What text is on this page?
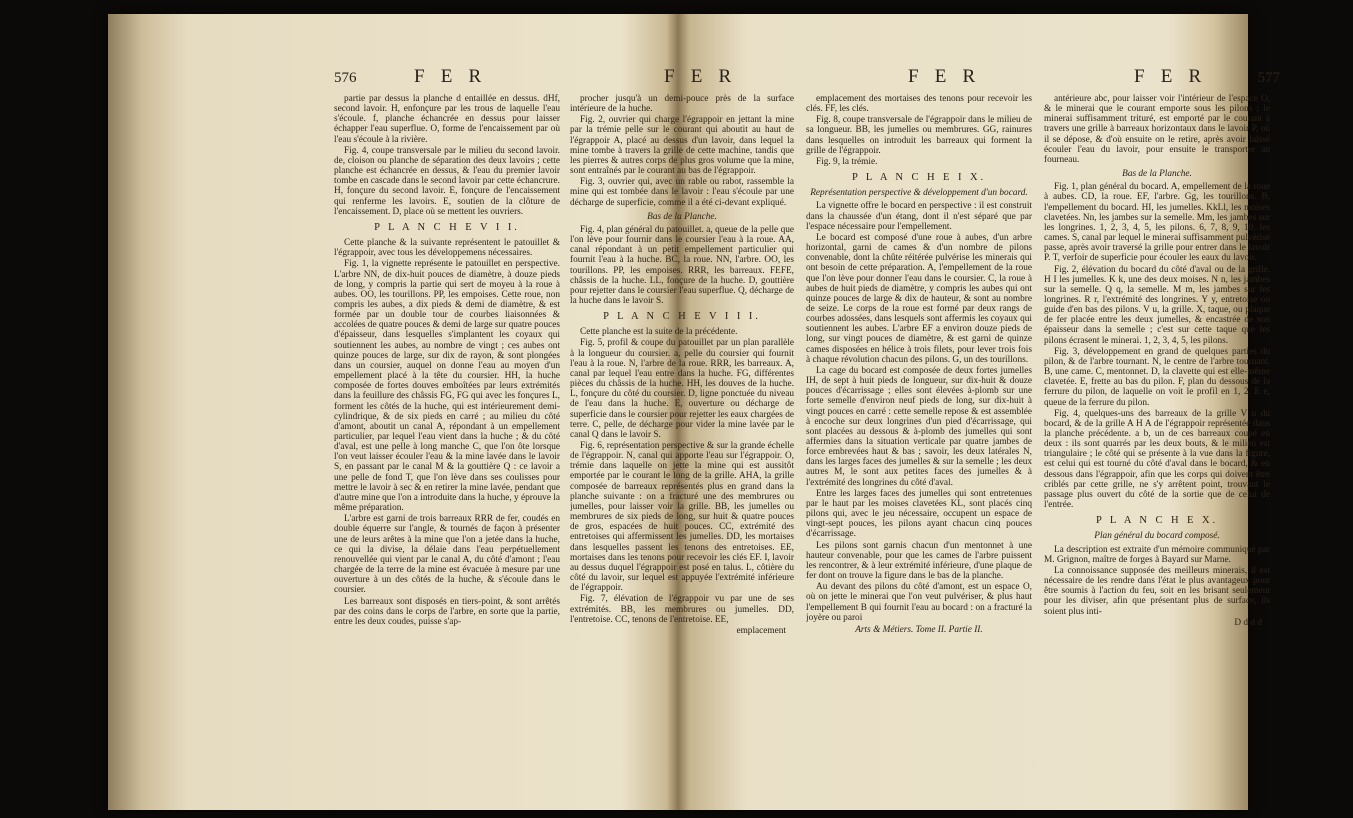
576	F E R	F E R

partie par dessus la planche d entaillée en dessus. dHf, second lavoir. H, enfonçure par les trous de laquelle l'eau s'écoule. f, planche échancrée en dessus pour laisser échapper l'eau superflue. O, forme de l'encaissement par où l'eau s'écoule à la rivière.

Fig. 4, coupe transversale par le milieu du second lavoir. de, cloison ou planche de séparation des deux lavoirs ; cette planche est échancrée en dessus, & l'eau du premier lavoir tombe en cascade dans le second lavoir par cette échancrure. H, fonçure du second lavoir. E, fonçure de l'encaissement qui renferme les lavoirs. E, soutien de la clôture de l'encaissement. D, place où se mettent les ouvriers.

P L A N C H E V I I.

Cette planche & la suivante représentent le patouillet & l'égrappoir, avec tous les développemens nécessaires.

Fig. 1, la vignette représente le patouillet en perspective. L'arbre NN, de dix-huit pouces de diamètre, à douze pieds de long, y compris la partie qui sert de moyeu à la roue à aubes. OO, les tourillons. PP, les empoises. Cette roue, non compris les aubes, a dix pieds & demi de diamètre, & est formée par un double tour de courbes liaisonnées & accolées de quatre pouces & demi de large sur quatre pouces d'épaisseur, dans lesquelles s'implantent les coyaux qui soutiennent les aubes, au nombre de vingt ; ces aubes ont quinze pouces de large, sur dix de rayon, & sont plongées dans un coursier, auquel on donne l'eau au moyen d'un empellement placé à la tête du coursier. HH, la huche composée de fortes douves emboîtées par leurs extrémités dans la feuillure des châssis FG, FG qui avec les fonçures L, forment les côtés de la huche, qui est intérieurement demi-cylindrique, & de six pieds en carré ; au milieu du côté d'amont, aboutit un canal A, répondant à un empellement particulier, par lequel l'eau vient dans la huche ; & du côté d'aval, est une pelle à long manche C, que l'on ôte lorsque l'on veut laisser écouler l'eau & la mine lavée dans le lavoir S, en passant par le canal M & la gouttière Q : ce lavoir a une pelle de fond T, que l'on lève dans ses coulisses pour mettre le lavoir à sec & en retirer la mine lavée, pendant que d'autre mine que l'on a introduite dans la huche, y éprouve la même préparation.

L'arbre est garni de trois barreaux RRR de fer, coudés en double équerre sur l'angle, & tournés de façon à présenter une de leurs arêtes à la mine que l'on a jetée dans la huche, ce qui la divise, la délaie dans l'eau perpétuellement renouvellée qui vient par le canal A, du côté d'amont ; l'eau chargée de la terre de la mine est évacuée à mesure par une ouverture à un des côtés de la huche, & s'écoule dans le coursier.

Les barreaux sont disposés en tiers-point, & sont arrêtés par des coins dans le corps de l'arbre, en sorte que la partie, entre les deux coudes, puisse s'ap-

procher jusqu'à un demi-pouce près de la surface intérieure de la huche.

Fig. 2, ouvrier qui charge l'égrappoir en jettant la mine par la trémie pelle sur le courant qui aboutit au haut de l'égrappoir A, placé au dessus d'un lavoir, dans lequel la mine tombe à travers la grille de cette machine, tandis que les pierres & autres corps de plus gros volume que la mine, sont entraînés par le courant au bas de l'égrappoir.

Fig. 3, ouvrier qui, avec un rable ou rabot, rassemble la mine qui est tombée dans le lavoir : l'eau s'écoule par une décharge de superficie, comme il a été ci-devant expliqué.

Bas de la Planche.

Fig. 4, plan général du patouillet. a, queue de la pelle que l'on lève pour fournir dans le coursier l'eau à la roue. AA, canal répondant à un petit empellement particulier qui fournit l'eau à la huche. BC, la roue. NN, l'arbre. OO, les tourillons. PP, les empoises. RRR, les barreaux. FEFE, châssis de la huche. LL, fonçure de la huche. D, gouttière pour rejetter dans le coursier l'eau superflue. Q, décharge de la huche dans le lavoir S.

P L A N C H E V I I I.

Cette planche est la suite de la précédente.

Fig. 5, profil & coupe du patouillet par un plan parallèle à la longueur du coursier. a, pelle du coursier qui fournit l'eau à la roue. N, l'arbre de la roue. RRR, les barreaux. A, canal par lequel l'eau entre dans la huche. FG, différentes pièces du châssis de la huche. HH, les douves de la huche. L, fonçure du côté du coursier. D, ligne ponctuée du niveau de l'eau dans la huche. E, ouverture ou décharge de superficie dans le coursier pour rejetter les eaux chargées de terre. C, pelle, de décharge pour vider la mine lavée par le canal Q dans le lavoir S.

Fig. 6, représentation perspective & sur la grande échelle de l'égrappoir. N, canal qui apporte l'eau sur l'égrappoir. O, trémie dans laquelle on jette la mine qui est aussitôt emportée par le courant le long de la grille. AHA, la grille composée de barreaux représentés plus en grand dans la planche suivante : on a fracturé une des membrures ou jumelles, pour laisser voir la grille. BB, les jumelles ou membrures de six pieds de long, sur huit & quatre pouces de gros, espacées de huit pouces. CC, extrémité des entretoises qui affermissent les jumelles. DD, les mortaises dans lesquelles passent les tenons des entretoises. EE, mortaises dans les tenons pour recevoir les clés EF. I, lavoir au dessus duquel l'égrappoir est posé en talus. L, côtière du côté du lavoir, sur lequel est appuyée l'extrémité inférieure de l'égrappoir.

Fig. 7, élévation de l'égrappoir vu par une de ses extrémités. BB, les membrures ou jumelles. DD, l'entretoise. CC, tenons de l'entretoise. EE,

emplacement

F E R	F E R	577

emplacement des mortaises des tenons pour recevoir les clés. FF, les clés.

Fig. 8, coupe transversale de l'égrappoir dans le milieu de sa longueur. BB, les jumelles ou membrures. GG, rainures dans lesquelles on introduit les barreaux qui forment la grille de l'égrappoir.

Fig. 9, la trémie.

P L A N C H E I X.

Représentation perspective & développement d'un bocard.

La vignette offre le bocard en perspective : il est construit dans la chaussée d'un étang, dont il n'est séparé que par l'espace nécessaire pour l'empellement.

Le bocard est composé d'une roue à aubes, d'un arbre horizontal, garni de cames & d'un nombre de pilons convenable, dont la chûte réitérée pulvérise les minerais qui ont besoin de cette préparation. A, l'empellement de la roue que l'on lève pour donner l'eau dans le coursier. C, la roue à aubes de huit pieds de diamètre, y compris les aubes qui ont quinze pouces de large & dix de hauteur, & sont au nombre de seize. Le corps de la roue est formé par deux rangs de courbes adossées, dans lesquels sont affermis les coyaux qui soutiennent les aubes. L'arbre EF a environ douze pieds de long, sur vingt pouces de diamètre, & est garni de quinze cames disposées en hélice à trois filets, pour lever trois fois à chaque révolution chacun des pilons. G, un des tourillons.

La cage du bocard est composée de deux fortes jumelles IH, de sept à huit pieds de longueur, sur dix-huit & douze pouces d'écarrissage ; elles sont élevées à-plomb sur une forte semelle d'environ neuf pieds de long, sur dix-huit à vingt pouces en carré : cette semelle repose & est assemblée à encoche sur deux longrines d'un pied d'écarrissage, qui sont placées au dessous & à-plomb des jumelles qui sont affermies dans la situation verticale par quatre jambes de force embrevées haut & bas ; savoir, les deux latérales N, dans les larges faces des jumelles & sur la semelle ; les deux autres M, le sont aux petites faces des jumelles & à l'extrémité des longrines du côté d'aval.

Entre les larges faces des jumelles qui sont entretenues par le haut par les moises clavetées KL, sont placés cinq pilons qui, avec le jeu nécessaire, occupent un espace de vingt-sept pouces, les pilons ayant chacun cinq pouces d'écarrissage.

Les pilons sont garnis chacun d'un mentonnet à une hauteur convenable, pour que les cames de l'arbre puissent les rencontrer, & à leur extrémité inférieure, d'une plaque de fer dont on trouve la figure dans le bas de la planche.

Au devant des pilons du côté d'amont, est un espace O, où on jette le minerai que l'on veut pulvériser, & plus haut l'empellement B qui fournit l'eau au bocard : on a fracturé la joyère ou paroi

Arts & Métiers. Tome II. Partie II.

antérieure abc, pour laisser voir l'intérieur de l'espace O, & le minerai que le courant emporte sous les pilons ; le minerai suffisamment trituré, est emporté par le courant à travers une grille à barreaux horizontaux dans le lavoir P, où il se dépose, & d'où ensuite on le retire, après avoir laissé écouler l'eau du lavoir, pour ensuite le transporter au fourneau.

Bas de la Planche.

Fig. 1, plan général du bocard. A, empellement de la roue à aubes. CD, la roue. EF, l'arbre. Gg, les tourillons. B, l'empellement du bocard. HI, les jumelles. KkLl, les moises clavetées. Nn, les jambes sur la semelle. Mm, les jambes sur les longrines. 1, 2, 3, 4, 5, les pilons. 6, 7, 8, 9, 10, les cames. S, canal par lequel le minerai suffisamment pulvérisé passe, après avoir traversé la grille pour entrer dans le lavoir P. T, verfoir de superficie pour écouler les eaux du lavoir.

Fig. 2, élévation du bocard du côté d'aval ou de la grille. H I les jumelles. K k, une des deux moises. N n, les jambes sur la semelle. Q q, la semelle. M m, les jambes sur les longrines. R r, l'extrémité des longrines. Y y, entretoise ou guide d'en bas des pilons. V u, la grille. X, taque, ou plaque de fer placée entre les deux jumelles, & encastrée de son épaisseur dans la semelle ; c'est sur cette taque que les pilons écrasent le minerai. 1, 2, 3, 4, 5, les pilons.

Fig. 3, développement en grand de quelques parties du pilon, & de l'arbre tournant. N, le centre de l'arbre tournant. B, une came. C, mentonnet. D, la clavette qui est elle-même clavetée. E, frette au bas du pilon. F, plan du dessous de la ferrure du pilon, de laquelle on voit le profil en 1, 2. E e, queue de la ferrure du pilon.

Fig. 4, quelques-uns des barreaux de la grille V u du bocard, & de la grille A H A de l'égrappoir représentée dans la planche précédente. a b, un de ces barreaux coupé en deux : ils sont quarrés par les deux bouts, & le milieu est triangulaire ; le côté qui se présente à la vue dans la figure, est celui qui est tourné du côté d'aval dans le bocard, & en dessous dans l'égrappoir, afin que les corps qui doivent être criblés par cette grille, ne s'y arrêtent point, trouvant le passage plus ouvert du côté de la sortie que de celui de l'entrée.

P L A N C H E X.

Plan général du bocard composé.

La description est extraite d'un mémoire communiqué par M. Grignon, maître de forges à Bayard sur Marne.

La connoissance supposée des meilleurs minerais, il est nécessaire de les rendre dans l'état le plus avantageux pour être soumis à l'action du feu, soit en les brisant seulement pour les diviser, afin que présentant plus de surface, ils soient plus inti-

D d d d
